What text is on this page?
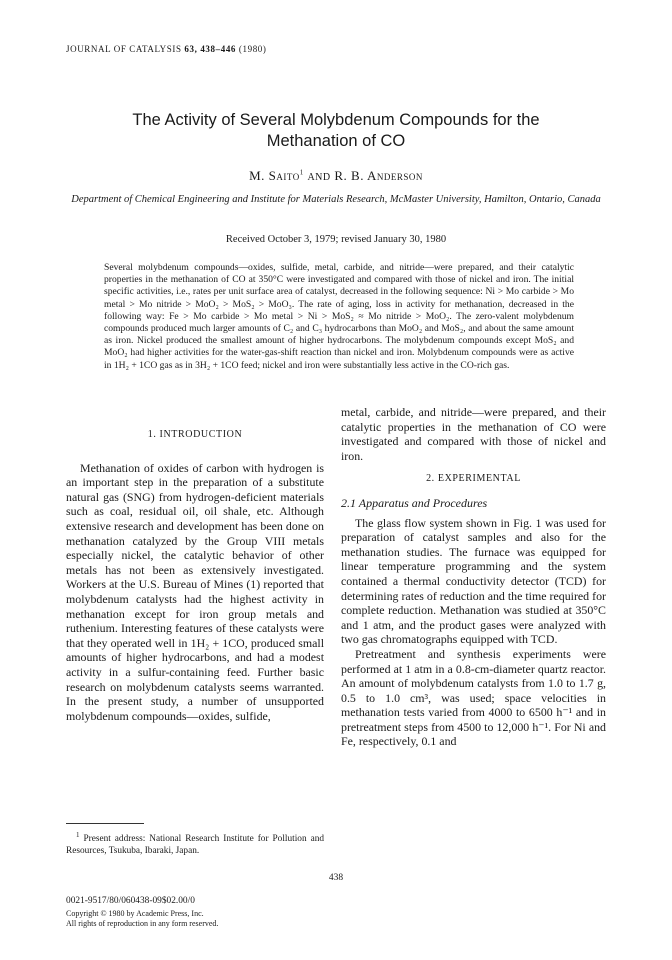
JOURNAL OF CATALYSIS 63, 438–446 (1980)
The Activity of Several Molybdenum Compounds for the
Methanation of CO
M. Saito$^1$ AND R. B. Anderson
Department of Chemical Engineering and Institute for Materials Research, McMaster University, Hamilton, Ontario, Canada
Received October 3, 1979; revised January 30, 1980
Several molybdenum compounds—oxides, sulfide, metal, carbide, and nitride—were prepared, and their catalytic properties in the methanation of CO at 350°C were investigated and compared with those of nickel and iron. The initial specific activities, i.e., rates per unit surface area of catalyst, decreased in the following sequence: Ni > Mo carbide > Mo metal > Mo nitride > MoO₂ > MoS₂ > MoO₃. The rate of aging, loss in activity for methanation, decreased in the following way: Fe > Mo carbide > Mo metal > Ni > MoS₂ ≈ Mo nitride > MoO₂. The zero-valent molybdenum compounds produced much larger amounts of C₂ and C₃ hydrocarbons than MoO₂ and MoS₂, and about the same amount as iron. Nickel produced the smallest amount of higher hydrocarbons. The molybdenum compounds except MoS₂ and MoO₂ had higher activities for the water-gas-shift reaction than nickel and iron. Molybdenum compounds were as active in 1H₂ + 1CO gas as in 3H₂ + 1CO feed; nickel and iron were substantially less active in the CO-rich gas.

1. INTRODUCTION

Methanation of oxides of carbon with hydrogen is an important step in the preparation of a substitute natural gas (SNG) from hydrogen-deficient materials such as coal, residual oil, oil shale, etc. Although extensive research and development has been done on methanation catalyzed by the Group VIII metals especially nickel, the catalytic behavior of other metals has not been as extensively investigated. Workers at the U.S. Bureau of Mines (1) reported that molybdenum catalysts had the highest activity in methanation except for iron group metals and ruthenium. Interesting features of these catalysts were that they operated well in 1H₂ + 1CO, produced small amounts of higher hydrocarbons, and had a modest activity in a sulfur-containing feed. Further basic research on molybdenum catalysts seems warranted. In the present study, a number of unsupported molybdenum compounds—oxides, sulfide,

metal, carbide, and nitride—were prepared, and their catalytic properties in the methanation of CO were investigated and compared with those of nickel and iron.

2. EXPERIMENTAL

2.1 Apparatus and Procedures

The glass flow system shown in Fig. 1 was used for preparation of catalyst samples and also for the methanation studies. The furnace was equipped for linear temperature programming and the system contained a thermal conductivity detector (TCD) for determining rates of reduction and the time required for complete reduction. Methanation was studied at 350°C and 1 atm, and the product gases were analyzed with two gas chromatographs equipped with TCD.

Pretreatment and synthesis experiments were performed at 1 atm in a 0.8-cm-diameter quartz reactor. An amount of molybdenum catalysts from 1.0 to 1.7 g, 0.5 to 1.0 cm³, was used; space velocities in methanation tests varied from 4000 to 6500 h⁻¹ and in pretreatment steps from 4500 to 12,000 h⁻¹. For Ni and Fe, respectively, 0.1 and

$^1$ Present address: National Research Institute for Pollution and Resources, Tsukuba, Ibaraki, Japan.
438
0021-9517/80/060438-09$02.00/0
Copyright © 1980 by Academic Press, Inc.
All rights of reproduction in any form reserved.
